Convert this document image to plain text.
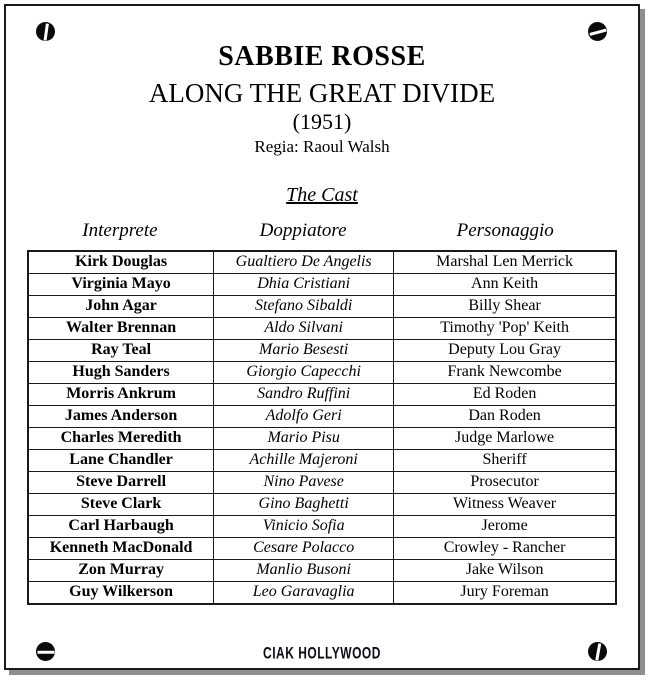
SABBIE ROSSE
ALONG THE GREAT DIVIDE
(1951)
Regia: Raoul Walsh
The Cast
Interprete	Doppiatore	Personaggio
Kirk Douglas	Gualtiero De Angelis	Marshal Len Merrick
Virginia Mayo	Dhia Cristiani	Ann Keith
John Agar	Stefano Sibaldi	Billy Shear
Walter Brennan	Aldo Silvani	Timothy 'Pop' Keith
Ray Teal	Mario Besesti	Deputy Lou Gray
Hugh Sanders	Giorgio Capecchi	Frank Newcombe
Morris Ankrum	Sandro Ruffini	Ed Roden
James Anderson	Adolfo Geri	Dan Roden
Charles Meredith	Mario Pisu	Judge Marlowe
Lane Chandler	Achille Majeroni	Sheriff
Steve Darrell	Nino Pavese	Prosecutor
Steve Clark	Gino Baghetti	Witness Weaver
Carl Harbaugh	Vinicio Sofia	Jerome
Kenneth MacDonald	Cesare Polacco	Crowley - Rancher
Zon Murray	Manlio Busoni	Jake Wilson
Guy Wilkerson	Leo Garavaglia	Jury Foreman
CIAK HOLLYWOOD
